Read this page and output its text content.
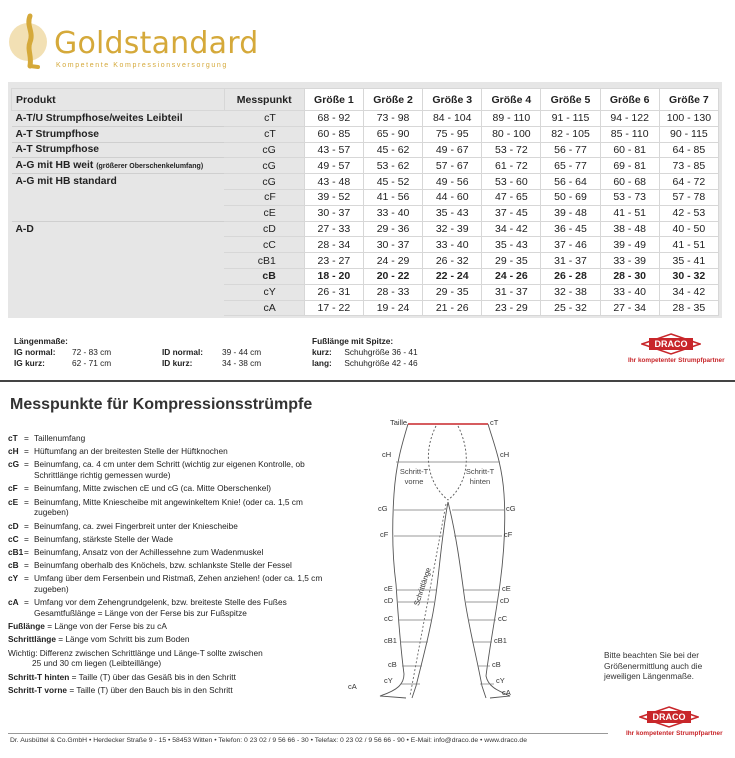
Goldstandard
Kompetente Kompressionsversorgung
Produkt	Messpunkt	Größe 1	Größe 2	Größe 3	Größe 4	Größe 5	Größe 6	Größe 7
A-T/U Strumpfhose/weites Leibteil	cT	68 - 92	73 - 98	84 - 104	89 - 110	91 - 115	94 - 122	100 - 130
A-T Strumpfhose	cT	60 - 85	65 - 90	75 - 95	80 - 100	82 - 105	85 - 110	90 - 115
A-T Strumpfhose	cG	43 - 57	45 - 62	49 - 67	53 - 72	56 - 77	60 - 81	64 - 85
A-G mit HB weit (größerer Oberschenkelumfang)	cG	49 - 57	53 - 62	57 - 67	61 - 72	65 - 77	69 - 81	73 - 85
A-G mit HB standard	cG	43 - 48	45 - 52	49 - 56	53 - 60	56 - 64	60 - 68	64 - 72
	cF	39 - 52	41 - 56	44 - 60	47 - 65	50 - 69	53 - 73	57 - 78
	cE	30 - 37	33 - 40	35 - 43	37 - 45	39 - 48	41 - 51	42 - 53
A-D	cD	27 - 33	29 - 36	32 - 39	34 - 42	36 - 45	38 - 48	40 - 50
	cC	28 - 34	30 - 37	33 - 40	35 - 43	37 - 46	39 - 49	41 - 51
	cB1	23 - 27	24 - 29	26 - 32	29 - 35	31 - 37	33 - 39	35 - 41
	cB	18 - 20	20 - 22	22 - 24	24 - 26	26 - 28	28 - 30	30 - 32
	cY	26 - 31	28 - 33	29 - 35	31 - 37	32 - 38	33 - 40	34 - 42
	cA	17 - 22	19 - 24	21 - 26	23 - 29	25 - 32	27 - 34	28 - 35
Längenmaße:
IG normal:	72 - 83 cm	ID normal:	39 - 44 cm
IG kurz:	62 - 71 cm	ID kurz:	34 - 38 cm
Fußlänge mit Spitze:
kurz: Schuhgröße 36 - 41
lang: Schuhgröße 42 - 46
DRACO
Ihr kompetenter Strumpfpartner
Messpunkte für Kompressionsstrümpfe
cT = Taillenumfang
cH = Hüftumfang an der breitesten Stelle der Hüftknochen
cG = Beinumfang, ca. 4 cm unter dem Schritt (wichtig zur eigenen Kontrolle, ob Schrittlänge richtig gemessen wurde)
cF = Beinumfang, Mitte zwischen cE und cG (ca. Mitte Oberschenkel)
cE = Beinumfang, Mitte Kniescheibe mit angewinkeltem Knie! (oder ca. 1,5 cm zugeben)
cD = Beinumfang, ca. zwei Fingerbreit unter der Kniescheibe
cC = Beinumfang, stärkste Stelle der Wade
cB1 = Beinumfang, Ansatz von der Achillessehne zum Wadenmuskel
cB = Beinumfang oberhalb des Knöchels, bzw. schlankste Stelle der Fessel
cY = Umfang über dem Fersenbein und Ristmaß, Zehen anziehen! (oder ca. 1,5 cm zugeben)
cA = Umfang vor dem Zehengrundgelenk, bzw. breiteste Stelle des Fußes Gesamtfußlänge = Länge von der Ferse bis zur Fußspitze
Fußlänge = Länge von der Ferse bis zu cA
Schrittlänge = Länge vom Schritt bis zum Boden
Wichtig: Differenz zwischen Schrittlänge und Länge-T sollte zwischen
25 und 30 cm liegen (Leibteillänge)
Schritt-T hinten = Taille (T) über das Gesäß bis in den Schritt
Schritt-T vorne = Taille (T) über den Bauch bis in den Schritt
Taille	cT
cH	cH
Schritt-T vorne
Schritt-T hinten
cG	cG
cF	cF
cE	cE
cD	cD
cC	cC
cB1	cB1
cB	cB
cY	cY
cA
cA
Schrittlänge
Bitte beachten Sie bei der Größenermittlung auch die jeweiligen Längenmaße.
DRACO
Ihr kompetenter Strumpfpartner
Dr. Ausbüttel & Co.GmbH • Herdecker Straße 9 - 15 • 58453 Witten • Telefon: 0 23 02 / 9 56 66 - 30 • Telefax: 0 23 02 / 9 56 66 - 90 • E-Mail: info@draco.de • www.draco.de
